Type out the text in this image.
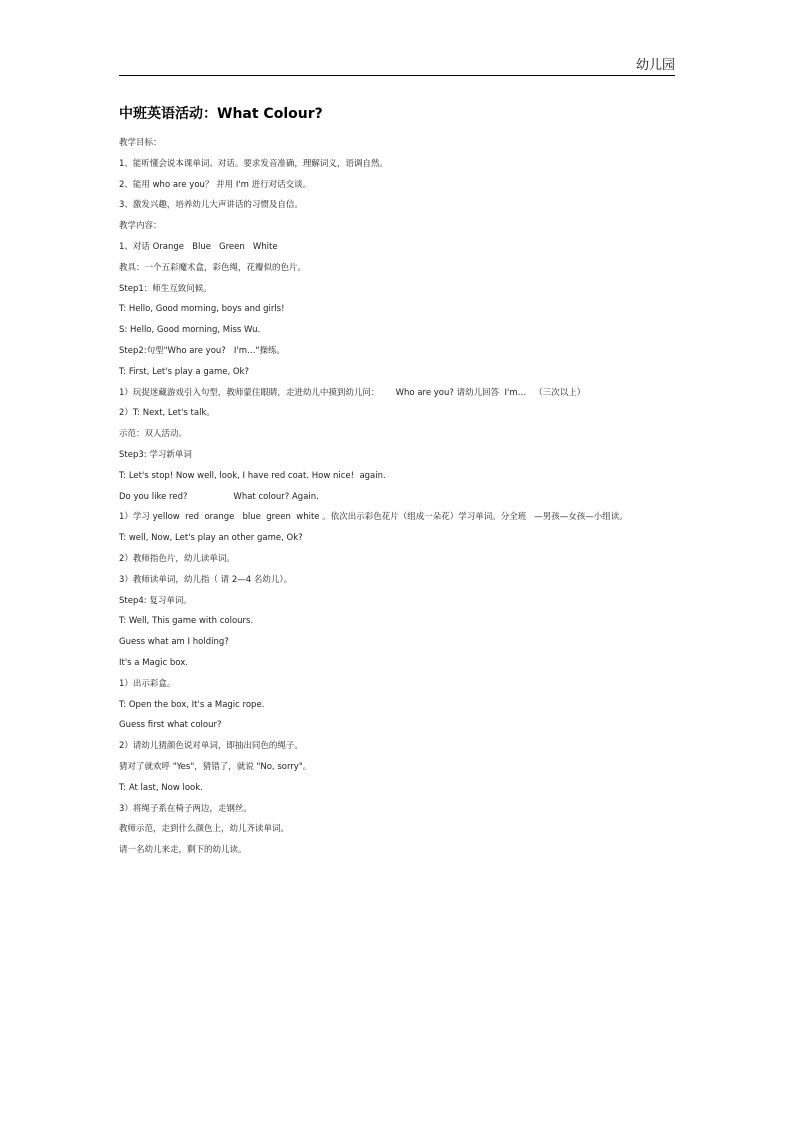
幼儿园
中班英语活动：What Colour?
教学目标：
1、能听懂会说本课单词、对话。要求发音准确，理解词义，语调自然。
2、能用 who are you？ 并用 I'm 进行对话交谈。
3、激发兴趣，培养幼儿大声讲话的习惯及自信。
教学内容：
1、对话 Orange   Blue   Green   White
教具：一个五彩魔术盒，彩色绳，花瓣似的色片。
Step1：师生互致问候。
T: Hello, Good morning, boys and girls!
S: Hello, Good morning, Miss Wu.
Step2:句型"Who are you?   I'm…"操练。
T: First, Let's play a game, Ok?
1）玩捉迷藏游戏引入句型，教师蒙住眼睛，走进幼儿中摸到幼儿问：      Who are you? 请幼儿回答  I'm…   （三次以上）
2）T: Next, Let's talk。
示范：双人活动。
Step3: 学习新单词
T: Let's stop! Now well, look, I have red coat. How nice!  again.
Do you like red?                 What colour? Again.
1）学习 yellow  red  orange   blue  green  white 。依次出示彩色花片（组成一朵花）学习单词。分全班   —男孩—女孩—小组读。
T: well, Now, Let's play an other game, Ok?
2）教师指色片，幼儿读单词。
3）教师读单词，幼儿指（ 请 2—4 名幼儿）。
Step4: 复习单词。
T: Well, This game with colours.
Guess what am I holding?
It's a Magic box.
1）出示彩盒。
T: Open the box, It's a Magic rope.
Guess first what colour?
2）请幼儿猜颜色说对单词，即抽出同色的绳子。
猜对了就欢呼 "Yes"，猜错了，就说 "No, sorry"。
T: At last, Now look.
3）将绳子系在椅子两边，走钢丝。
教师示范，走到什么颜色上，幼儿齐读单词。
请一名幼儿来走，剩下的幼儿读。
